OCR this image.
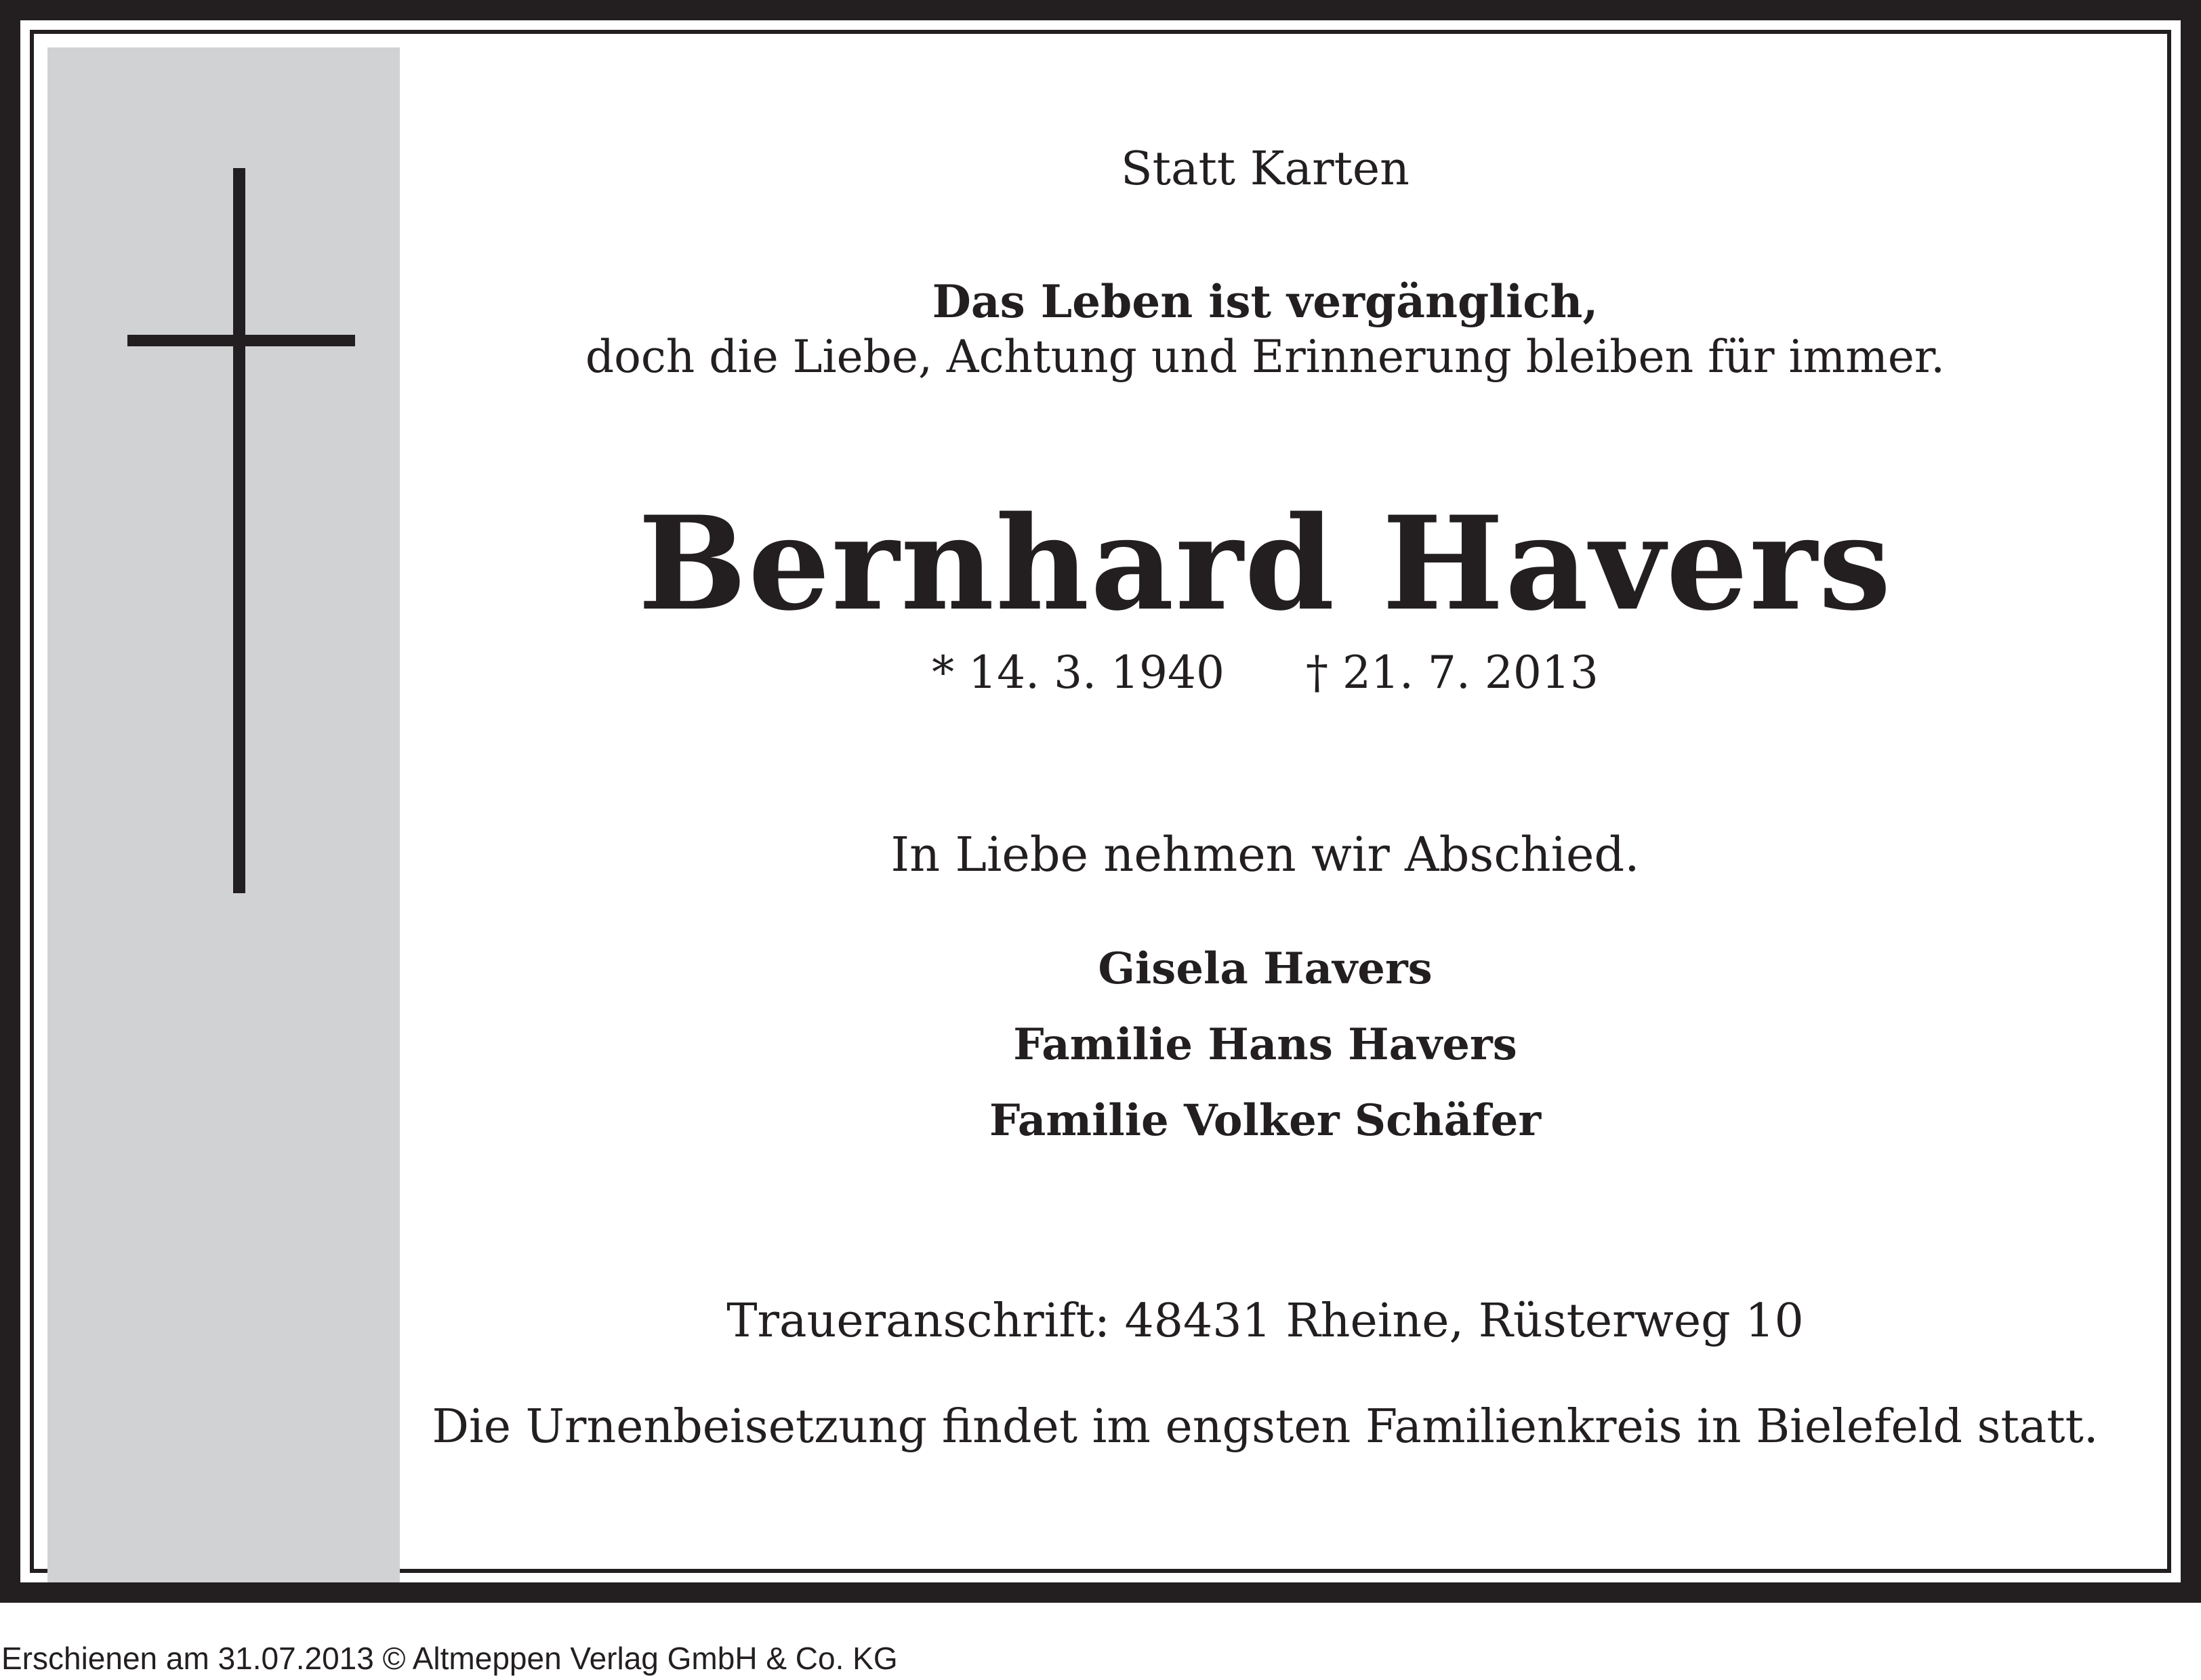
Statt Karten
Das Leben ist vergänglich,
doch die Liebe, Achtung und Erinnerung bleiben für immer.
Bernhard Havers
* 14. 3. 1940 † 21. 7. 2013
In Liebe nehmen wir Abschied.
Gisela Havers
Familie Hans Havers
Familie Volker Schäfer
Traueranschrift: 48431 Rheine, Rüsterweg 10
Die Urnenbeisetzung findet im engsten Familienkreis in Bielefeld statt.
Erschienen am 31.07.2013 © Altmeppen Verlag GmbH & Co. KG
